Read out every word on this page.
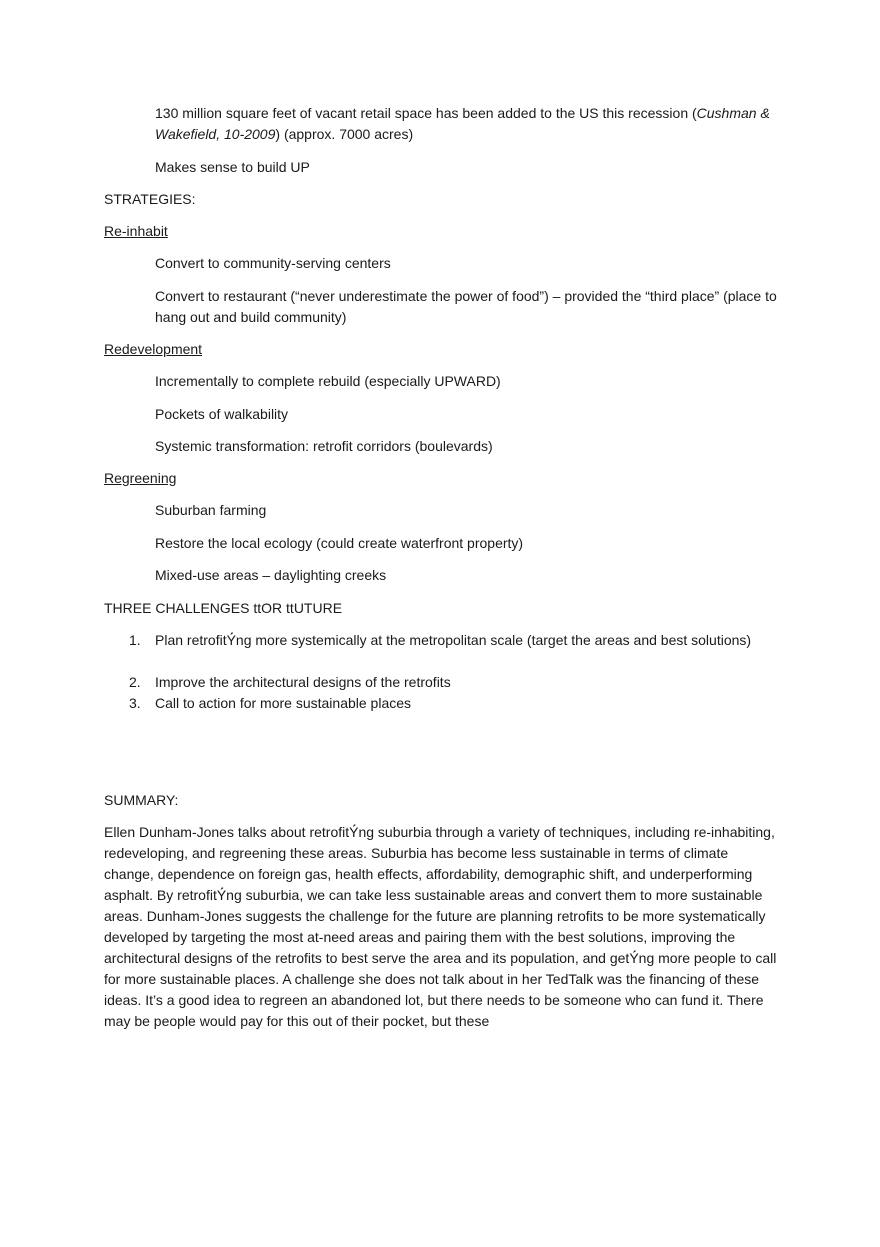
130 million square feet of vacant retail space has been added to the US this recession (Cushman & Wakefield, 10-2009) (approx. 7000 acres)

Makes sense to build UP

STRATEGIES:

Re-inhabit

Convert to community-serving centers

Convert to restaurant (“never underestimate the power of food”) – provided the “third place” (place to hang out and build community)

Redevelopment

Incrementally to complete rebuild (especially UPWARD)

Pockets of walkability

Systemic transformation: retrofit corridors (boulevards)

Regreening

Suburban farming

Restore the local ecology (could create waterfront property)

Mixed-use areas – daylighting creeks

THREE CHALLENGES ttOR ttUTURE

1.	Plan retrofitÝ́ng more systemically at the metropolitan scale (target the areas and best solutions)
2.	Improve the architectural designs of the retrofits
3.	Call to action for more sustainable places

SUMMARY:

Ellen Dunham-Jones talks about retrofitÝ́ng suburbia through a variety of techniques, including re-inhabiting, redeveloping, and regreening these areas. Suburbia has become less sustainable in terms of climate change, dependence on foreign gas, health effects, affordability, demographic shift, and underperforming asphalt. By retrofitÝ́ng suburbia, we can take less sustainable areas and convert them to more sustainable areas. Dunham-Jones suggests the challenge for the future are planning retrofits to be more systematically developed by targeting the most at-need areas and pairing them with the best solutions, improving the architectural designs of the retrofits to best serve the area and its population, and getÝ́ng more people to call for more sustainable places. A challenge she does not talk about in her TedTalk was the financing of these ideas. It’s a good idea to regreen an abandoned lot, but there needs to be someone who can fund it. There may be people would pay for this out of their pocket, but these
